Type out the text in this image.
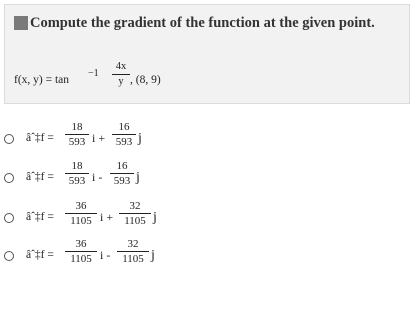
Compute the gradient of the function at the given point.
f(x, y) = tan
−1
4x
y , (8, 9)
âˆ‡f =
18
593 i +
16
593 j
âˆ‡f =
18
593 i -
16
593 j
âˆ‡f =
36
1105 i +
32
1105 j
âˆ‡f =
36
1105 i -
32
1105 j
